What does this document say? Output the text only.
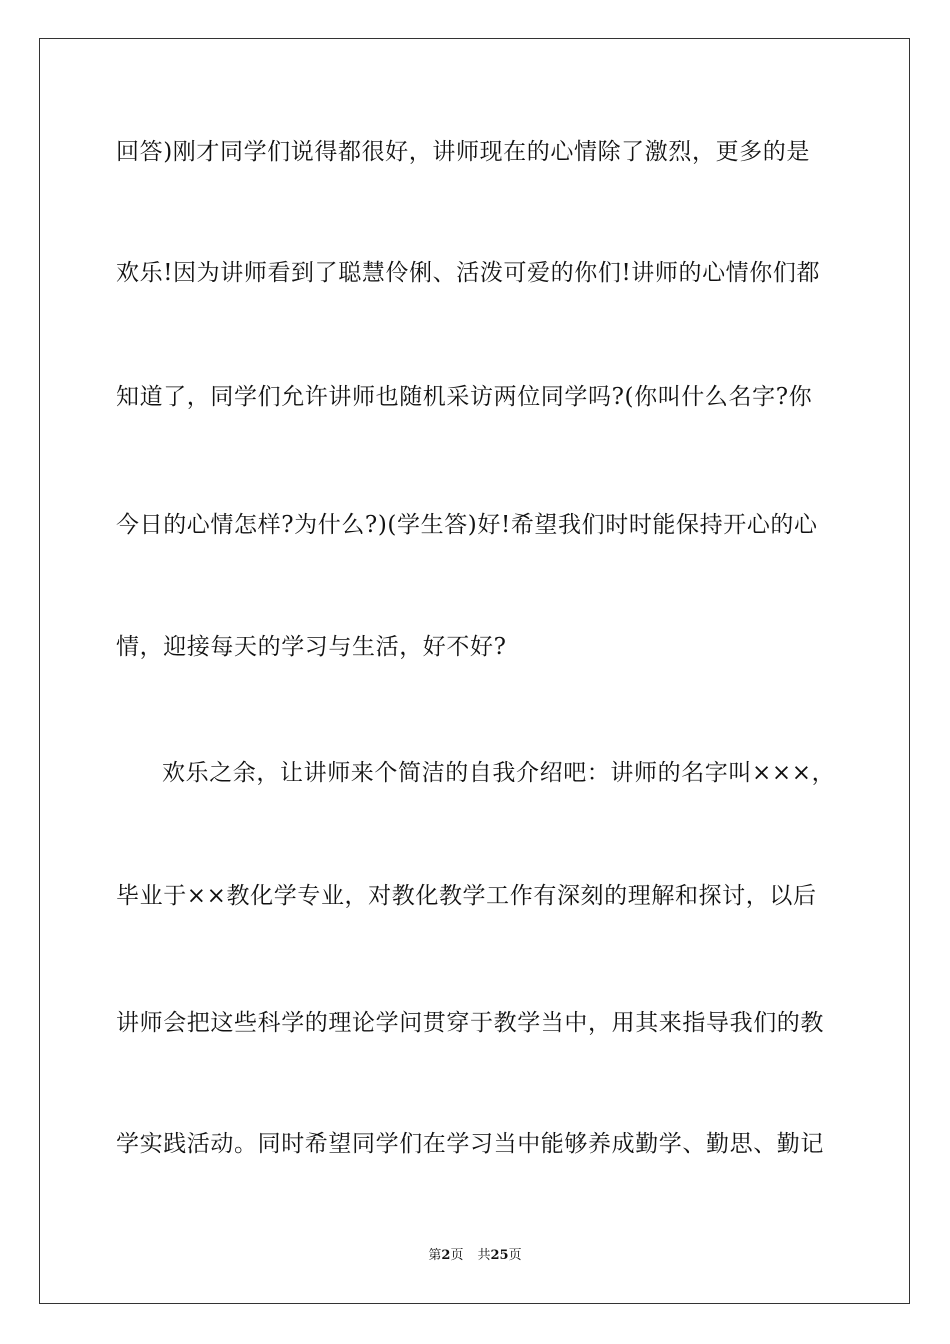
回答)刚才同学们说得都很好，讲师现在的心情除了激烈，更多的是
欢乐!因为讲师看到了聪慧伶俐、活泼可爱的你们!讲师的心情你们都
知道了，同学们允许讲师也随机采访两位同学吗?(你叫什么名字?你
今日的心情怎样?为什么?)(学生答)好!希望我们时时能保持开心的心
情，迎接每天的学习与生活，好不好?
欢乐之余，让讲师来个简洁的自我介绍吧：讲师的名字叫×××，
毕业于××教化学专业，对教化教学工作有深刻的理解和探讨，以后
讲师会把这些科学的理论学问贯穿于教学当中，用其来指导我们的教
学实践活动。同时希望同学们在学习当中能够养成勤学、勤思、勤记
第2页 共25页
